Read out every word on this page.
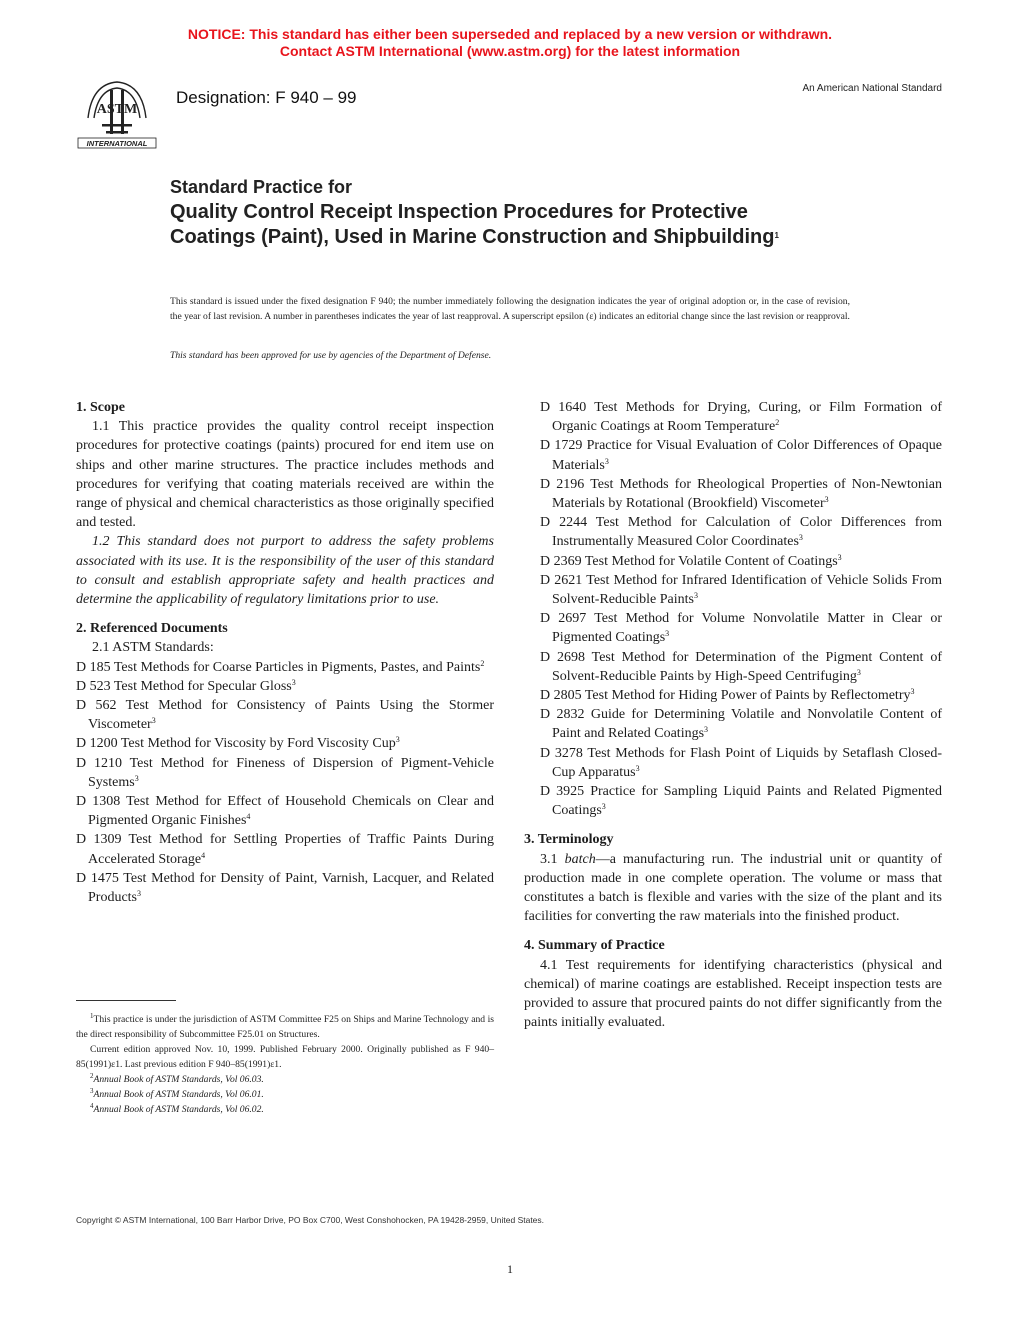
NOTICE: This standard has either been superseded and replaced by a new version or withdrawn.
Contact ASTM International (www.astm.org) for the latest information
ASTM
INTERNATIONAL
Designation: F 940 – 99	An American National Standard
Standard Practice for
Quality Control Receipt Inspection Procedures for Protective Coatings (Paint), Used in Marine Construction and Shipbuilding$^1$
This standard is issued under the fixed designation F 940; the number immediately following the designation indicates the year of original adoption or, in the case of revision, the year of last revision. A number in parentheses indicates the year of last reapproval. A superscript epsilon (ε) indicates an editorial change since the last revision or reapproval.
This standard has been approved for use by agencies of the Department of Defense.
1. Scope

1.1 This practice provides the quality control receipt inspection procedures for protective coatings (paints) procured for end item use on ships and other marine structures. The practice includes methods and procedures for verifying that coating materials received are within the range of physical and chemical characteristics as those originally specified and tested.

1.2 This standard does not purport to address the safety problems associated with its use. It is the responsibility of the user of this standard to consult and establish appropriate safety and health practices and determine the applicability of regulatory limitations prior to use.

2. Referenced Documents

2.1 ASTM Standards:

D 185 Test Methods for Coarse Particles in Pigments, Pastes, and Paints$^2$
D 523 Test Method for Specular Gloss$^3$
D 562 Test Method for Consistency of Paints Using the Stormer Viscometer$^3$
D 1200 Test Method for Viscosity by Ford Viscosity Cup$^3$
D 1210 Test Method for Fineness of Dispersion of Pigment-Vehicle Systems$^3$
D 1308 Test Method for Effect of Household Chemicals on Clear and Pigmented Organic Finishes$^4$
D 1309 Test Method for Settling Properties of Traffic Paints During Accelerated Storage$^4$
D 1475 Test Method for Density of Paint, Varnish, Lacquer, and Related Products$^3$
D 1640 Test Methods for Drying, Curing, or Film Formation of Organic Coatings at Room Temperature$^2$
D 1729 Practice for Visual Evaluation of Color Differences of Opaque Materials$^3$
D 2196 Test Methods for Rheological Properties of Non-Newtonian Materials by Rotational (Brookfield) Viscometer$^3$
D 2244 Test Method for Calculation of Color Differences from Instrumentally Measured Color Coordinates$^3$
D 2369 Test Method for Volatile Content of Coatings$^3$
D 2621 Test Method for Infrared Identification of Vehicle Solids From Solvent-Reducible Paints$^3$
D 2697 Test Method for Volume Nonvolatile Matter in Clear or Pigmented Coatings$^3$
D 2698 Test Method for Determination of the Pigment Content of Solvent-Reducible Paints by High-Speed Centrifuging$^3$
D 2805 Test Method for Hiding Power of Paints by Reflectometry$^3$
D 2832 Guide for Determining Volatile and Nonvolatile Content of Paint and Related Coatings$^3$
D 3278 Test Methods for Flash Point of Liquids by Setaflash Closed-Cup Apparatus$^3$
D 3925 Practice for Sampling Liquid Paints and Related Pigmented Coatings$^3$
3. Terminology

3.1 batch—a manufacturing run. The industrial unit or quantity of production made in one complete operation. The volume or mass that constitutes a batch is flexible and varies with the size of the plant and its facilities for converting the raw materials into the finished product.

4. Summary of Practice

4.1 Test requirements for identifying characteristics (physical and chemical) of marine coatings are established. Receipt inspection tests are provided to assure that procured paints do not differ significantly from the paints initially evaluated.

$^1$This practice is under the jurisdiction of ASTM Committee F25 on Ships and Marine Technology and is the direct responsibility of Subcommittee F25.01 on Structures.
Current edition approved Nov. 10, 1999. Published February 2000. Originally published as F 940–85(1991)ε1. Last previous edition F 940–85(1991)ε1.
$^2$Annual Book of ASTM Standards, Vol 06.03.
$^3$Annual Book of ASTM Standards, Vol 06.01.
$^4$Annual Book of ASTM Standards, Vol 06.02.
Copyright © ASTM International, 100 Barr Harbor Drive, PO Box C700, West Conshohocken, PA 19428-2959, United States.
1
